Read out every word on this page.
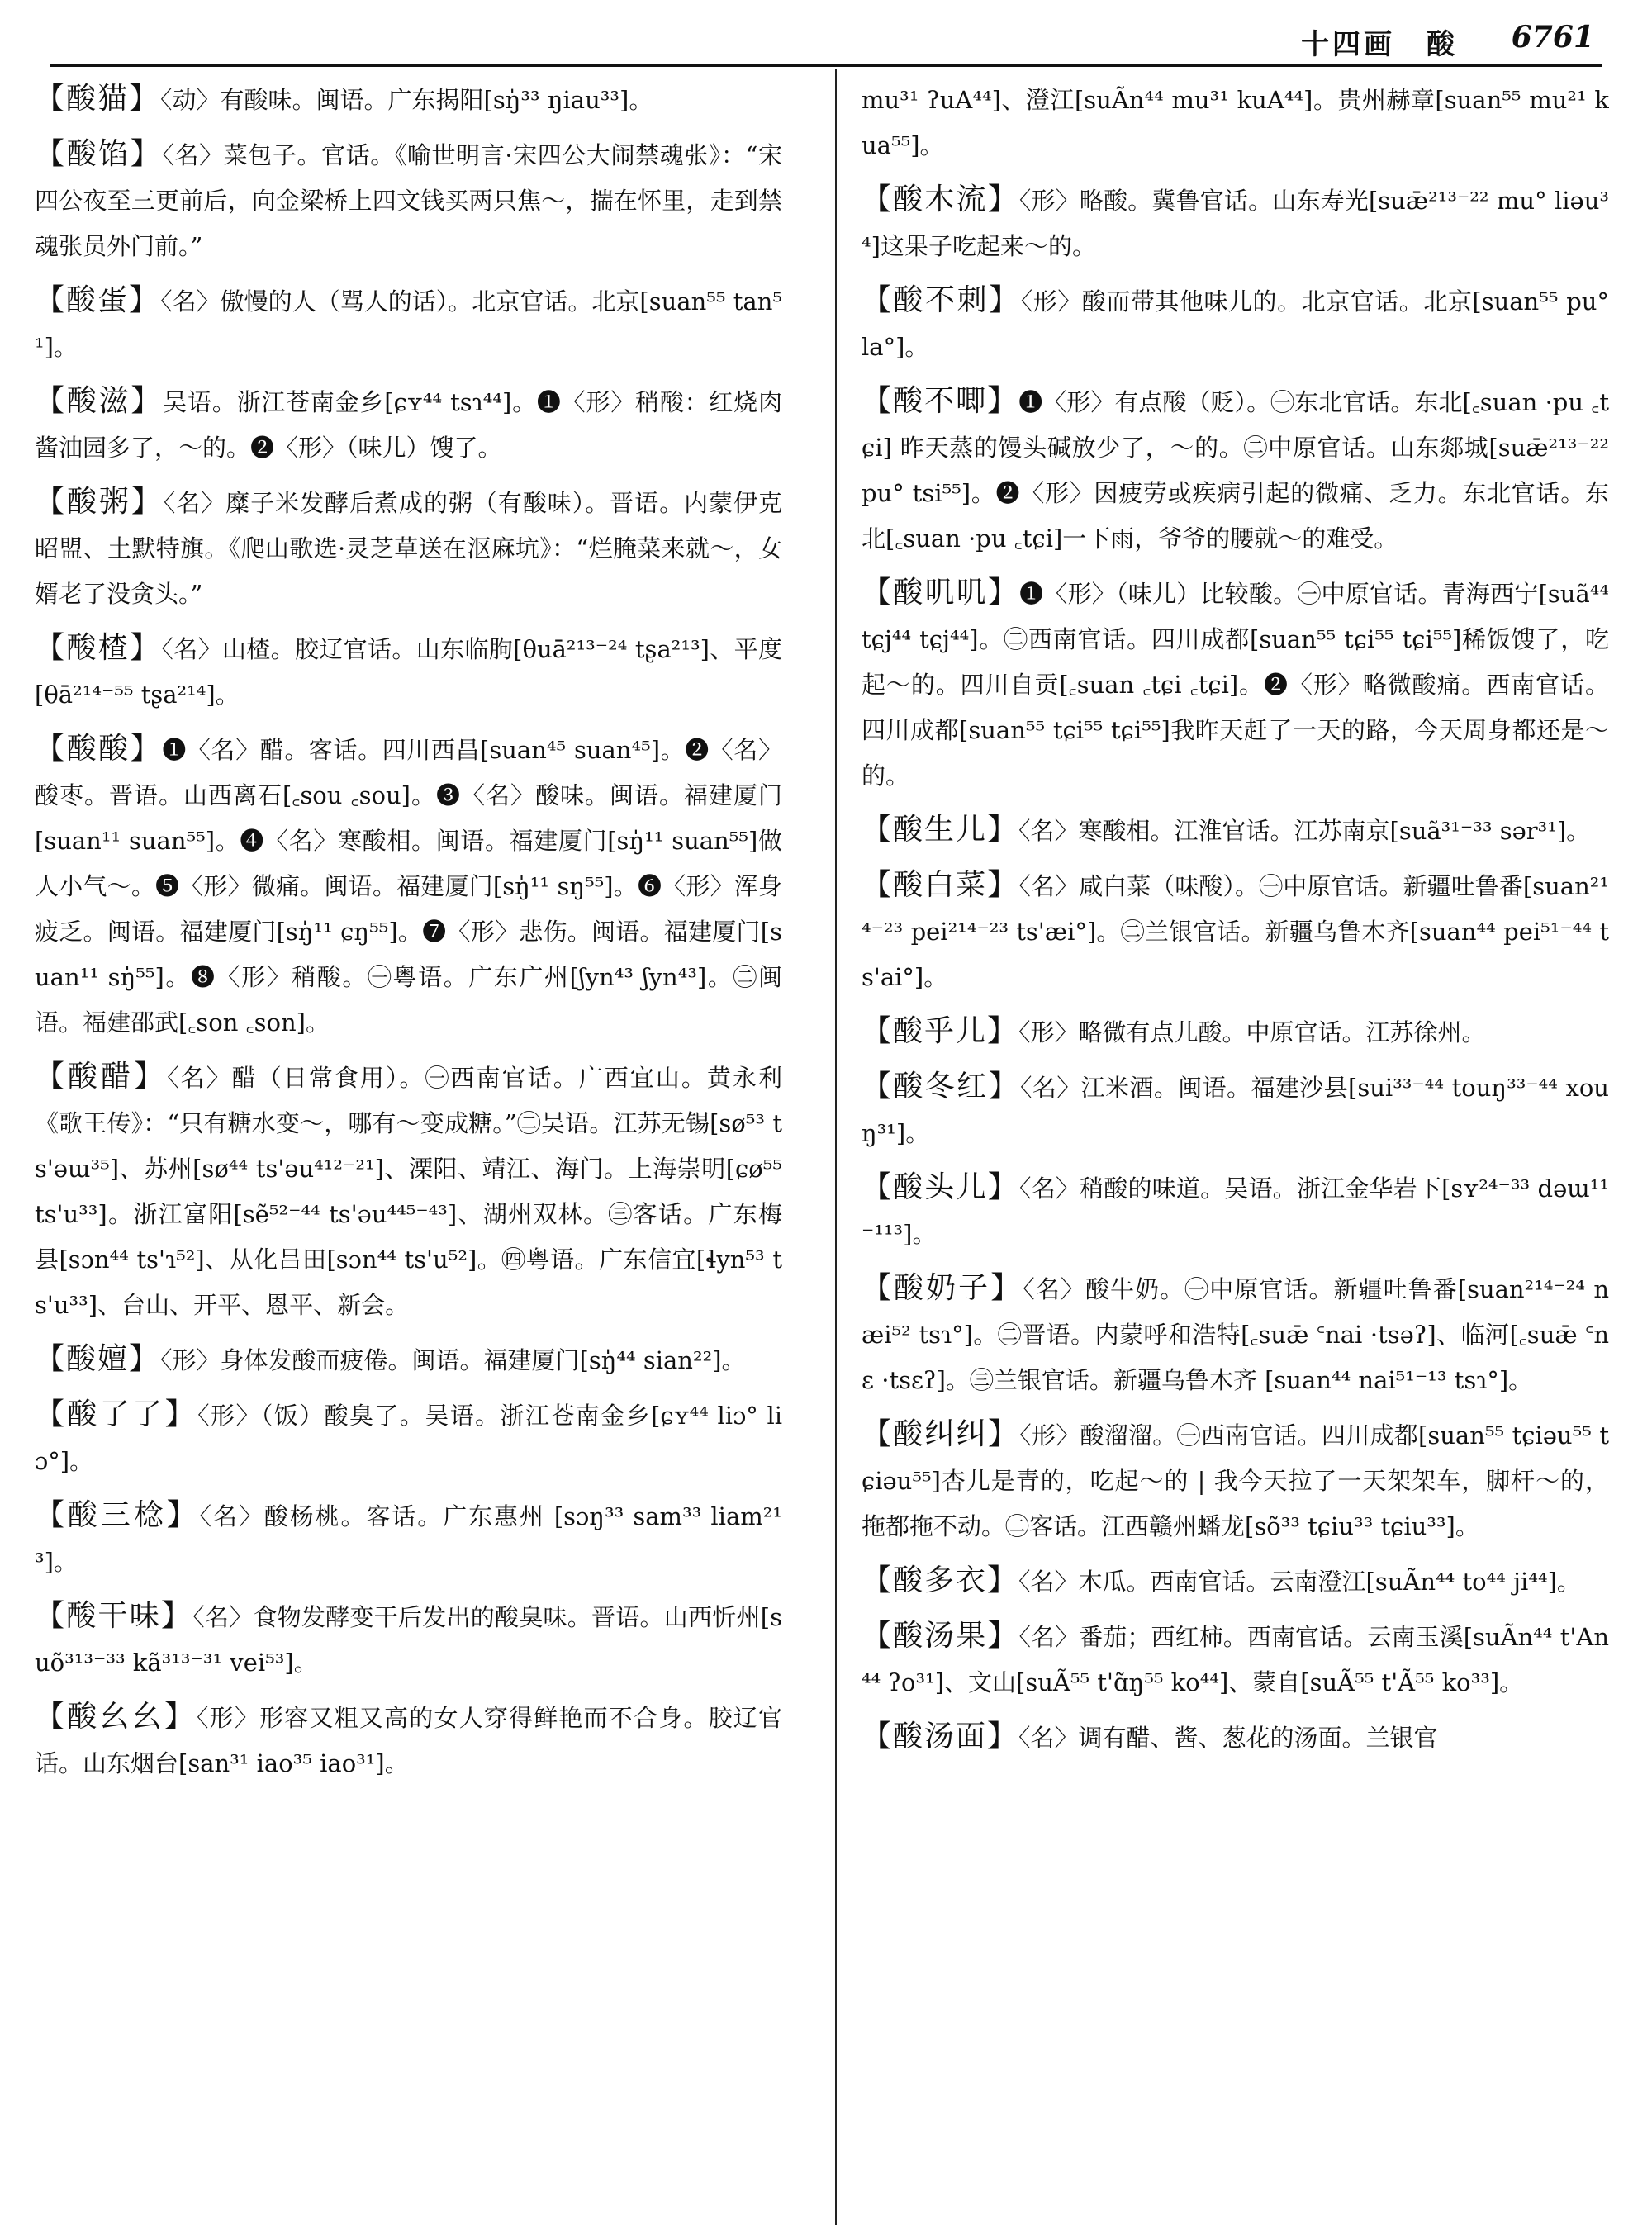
十四画　酸 6761

【酸猫】〈动〉有酸味。闽语。广东揭阳[sŋ̍³³ ŋiau³³]。

【酸馅】〈名〉菜包子。官话。《喻世明言·宋四公大闹禁魂张》：“宋四公夜至三更前后，向金梁桥上四文钱买两只焦～，揣在怀里，走到禁魂张员外门前。”

【酸蛋】〈名〉傲慢的人（骂人的话）。北京官话。北京[suan⁵⁵ tan⁵¹]。

【酸滋】吴语。浙江苍南金乡[ɕʏ⁴⁴ tsɿ⁴⁴]。❶〈形〉稍酸：红烧肉酱油园多了，～的。❷〈形〉（味儿）馊了。

【酸粥】〈名〉糜子米发酵后煮成的粥（有酸味）。晋语。内蒙伊克昭盟、土默特旗。《爬山歌选·灵芝草送在沤麻坑》：“烂腌菜来就～，女婿老了没贪头。”

【酸楂】〈名〉山楂。胶辽官话。山东临朐[θuā²¹³⁻²⁴ tʂa²¹³]、平度[θā²¹⁴⁻⁵⁵ tʂa²¹⁴]。

【酸酸】❶〈名〉醋。客话。四川西昌[suan⁴⁵ suan⁴⁵]。❷〈名〉酸枣。晋语。山西离石[꜀sou ꜀sou]。❸〈名〉酸味。闽语。福建厦门[suan¹¹ suan⁵⁵]。❹〈名〉寒酸相。闽语。福建厦门[sŋ̍¹¹ suan⁵⁵]做人小气～。❺〈形〉微痛。闽语。福建厦门[sŋ̍¹¹ sŋ⁵⁵]。❻〈形〉浑身疲乏。闽语。福建厦门[sŋ̍¹¹ ɕŋ⁵⁵]。❼〈形〉悲伤。闽语。福建厦门[suan¹¹ sŋ̍⁵⁵]。❽〈形〉稍酸。㊀粤语。广东广州[ʃyn⁴³ ʃyn⁴³]。㊁闽语。福建邵武[꜀son ꜀son]。

【酸醋】〈名〉醋（日常食用）。㊀西南官话。广西宜山。黄永利《歌王传》：“只有糖水变～，哪有～变成糖。”㊁吴语。江苏无锡[sø⁵³ ts'əɯ³⁵]、苏州[sø⁴⁴ ts'əu⁴¹²⁻²¹]、溧阳、靖江、海门。上海崇明[ɕø⁵⁵ ts'u³³]。浙江富阳[sẽ⁵²⁻⁴⁴ ts'əu⁴⁴⁵⁻⁴³]、湖州双林。㊂客话。广东梅县[sɔn⁴⁴ ts'ɿ⁵²]、从化吕田[sɔn⁴⁴ ts'u⁵²]。㊃粤语。广东信宜[ɬyn⁵³ ts'u³³]、台山、开平、恩平、新会。

【酸嬗】〈形〉身体发酸而疲倦。闽语。福建厦门[sŋ̍⁴⁴ sian²²]。

【酸了了】〈形〉（饭）酸臭了。吴语。浙江苍南金乡[ɕʏ⁴⁴ liɔ° liɔ°]。

【酸三棯】〈名〉酸杨桃。客话。广东惠州 [sɔŋ³³ sam³³ liam²¹³]。

【酸干味】〈名〉食物发酵变干后发出的酸臭味。晋语。山西忻州[suõ³¹³⁻³³ kã³¹³⁻³¹ vei⁵³]。

【酸幺幺】〈形〉形容又粗又高的女人穿得鲜艳而不合身。胶辽官话。山东烟台[san³¹ iao³⁵ iao³¹]。

mu³¹ ʔuA⁴⁴]、澄江[suÃn⁴⁴ mu³¹ kuA⁴⁴]。贵州赫章[suan⁵⁵ mu²¹ kua⁵⁵]。

【酸木流】〈形〉略酸。冀鲁官话。山东寿光[suǣ²¹³⁻²² mu° liəu³⁴]这果子吃起来～的。

【酸不刺】〈形〉酸而带其他味儿的。北京官话。北京[suan⁵⁵ pu° la°]。

【酸不唧】❶〈形〉有点酸（贬）。㊀东北官话。东北[꜀suan ·pu ꜀tɕi] 昨天蒸的馒头碱放少了，～的。㊁中原官话。山东郯城[suǣ²¹³⁻²² pu° tsi⁵⁵]。❷〈形〉因疲劳或疾病引起的微痛、乏力。东北官话。东北[꜀suan ·pu ꜀tɕi]一下雨，爷爷的腰就～的难受。

【酸叽叽】❶〈形〉（味儿）比较酸。㊀中原官话。青海西宁[suã⁴⁴ tɕj⁴⁴ tɕj⁴⁴]。㊁西南官话。四川成都[suan⁵⁵ tɕi⁵⁵ tɕi⁵⁵]稀饭馊了，吃起～的。四川自贡[꜀suan ꜀tɕi ꜀tɕi]。❷〈形〉略微酸痛。西南官话。四川成都[suan⁵⁵ tɕi⁵⁵ tɕi⁵⁵]我昨天赶了一天的路，今天周身都还是～的。

【酸生儿】〈名〉寒酸相。江淮官话。江苏南京[suã³¹⁻³³ sər³¹]。

【酸白菜】〈名〉咸白菜（味酸）。㊀中原官话。新疆吐鲁番[suan²¹⁴⁻²³ pei²¹⁴⁻²³ ts'æi°]。㊁兰银官话。新疆乌鲁木齐[suan⁴⁴ pei⁵¹⁻⁴⁴ ts'ai°]。

【酸乎儿】〈形〉略微有点儿酸。中原官话。江苏徐州。

【酸冬红】〈名〉江米酒。闽语。福建沙县[sui³³⁻⁴⁴ touŋ³³⁻⁴⁴ xouŋ³¹]。

【酸头儿】〈名〉稍酸的味道。吴语。浙江金华岩下[sʏ²⁴⁻³³ dəɯ¹¹⁻¹¹³]。

【酸奶子】〈名〉酸牛奶。㊀中原官话。新疆吐鲁番[suan²¹⁴⁻²⁴ næi⁵² tsɿ°]。㊁晋语。内蒙呼和浩特[꜀suǣ ꜂nai ·tsəʔ]、临河[꜀suǣ ꜂nɛ ·tsɛʔ]。㊂兰银官话。新疆乌鲁木齐 [suan⁴⁴ nai⁵¹⁻¹³ tsɿ°]。

【酸纠纠】〈形〉酸溜溜。㊀西南官话。四川成都[suan⁵⁵ tɕiəu⁵⁵ tɕiəu⁵⁵]杏儿是青的，吃起～的 | 我今天拉了一天架架车，脚杆～的，拖都拖不动。㊁客话。江西赣州蟠龙[sõ³³ tɕiu³³ tɕiu³³]。

【酸多衣】〈名〉木瓜。西南官话。云南澄江[suÃn⁴⁴ to⁴⁴ ji⁴⁴]。

【酸汤果】〈名〉番茄；西红柿。西南官话。云南玉溪[suÃn⁴⁴ t'An⁴⁴ ʔo³¹]、文山[suÃ⁵⁵ t'ɑ̃ŋ⁵⁵ ko⁴⁴]、蒙自[suÃ⁵⁵ t'Ã⁵⁵ ko³³]。

【酸汤面】〈名〉调有醋、酱、葱花的汤面。兰银官
